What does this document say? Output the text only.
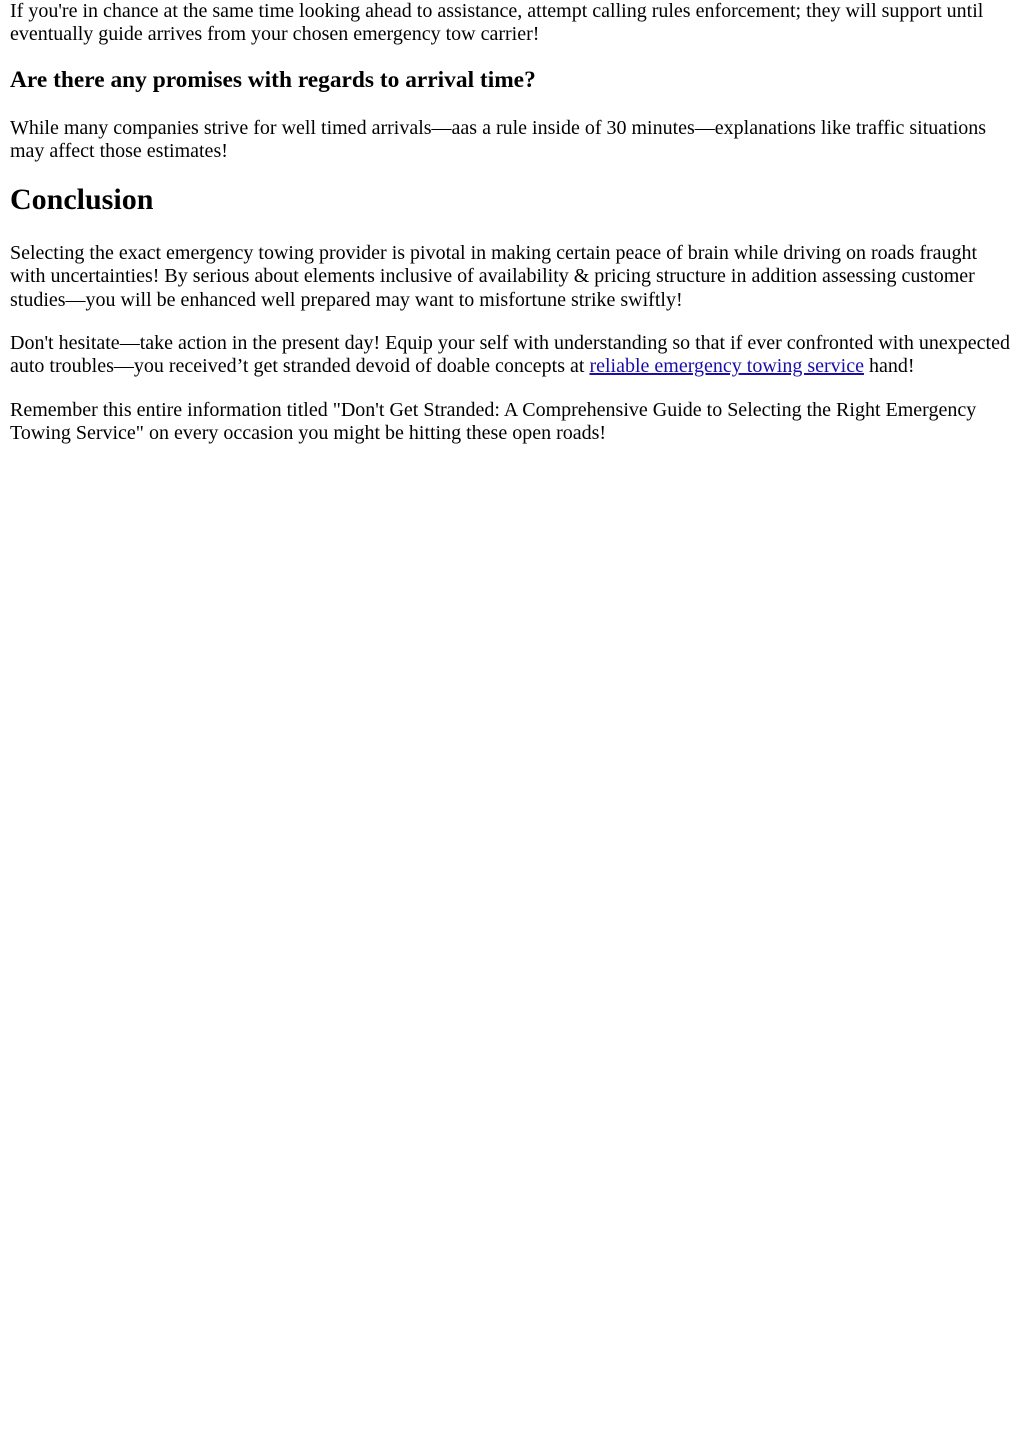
If you're in chance at the same time looking ahead to assistance, attempt calling rules enforcement; they will support until eventually guide arrives from your chosen emergency tow carrier!

Are there any promises with regards to arrival time?

While many companies strive for well timed arrivals—aas a rule inside of 30 minutes—explanations like traffic situations may affect those estimates!

Conclusion

Selecting the exact emergency towing provider is pivotal in making certain peace of brain while driving on roads fraught with uncertainties! By serious about elements inclusive of availability & pricing structure in addition assessing customer studies—you will be enhanced well prepared may want to misfortune strike swiftly!

Don't hesitate—take action in the present day! Equip your self with understanding so that if ever confronted with unexpected auto troubles—you received’t get stranded devoid of doable concepts at reliable emergency towing service hand!

Remember this entire information titled "Don't Get Stranded: A Comprehensive Guide to Selecting the Right Emergency Towing Service" on every occasion you might be hitting these open roads!
